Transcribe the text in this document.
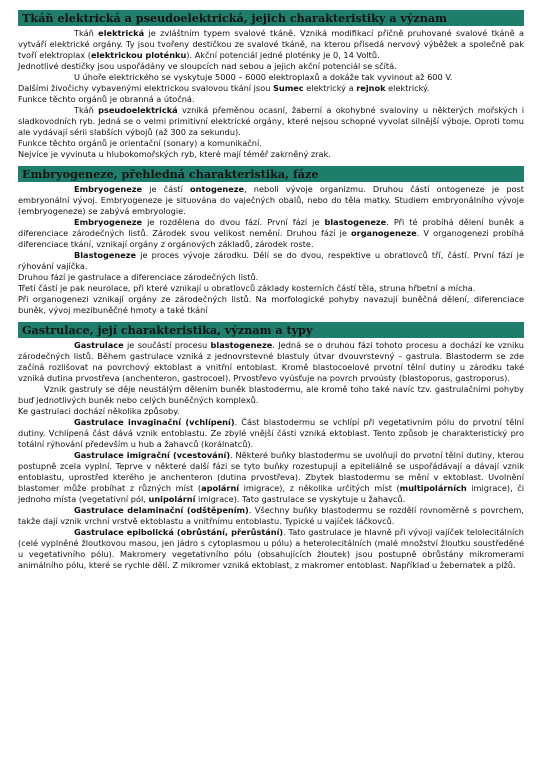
Tkáň elektrická a pseudoelektrická, jejich charakteristiky a význam

Tkáň elektrická je zvláštním typem svalové tkáně. Vzniká modifikací příčně pruhované svalové tkáně a vytváří elektrické orgány. Ty jsou tvořeny destičkou ze svalové tkáně, na kterou přisedá nervový výběžek a společně pak tvoří elektroplax (elektrickou ploténku). Akční potenciál jedné ploténky je 0, 14 Voltů.

Jednotlivé destičky jsou uspořádány ve sloupcích nad sebou a jejich akční potenciál se sčítá.

U úhoře elektrického se vyskytuje 5000 – 6000 elektroplaxů a dokáže tak vyvinout až 600 V.

Dalšími živočichy vybavenými elektrickou svalovou tkání jsou Sumec elektrický a rejnok elektrický.

Funkce těchto orgánů je obranná a útočná.

Tkáň pseudoelektrická vzniká přeměnou ocasní, žaberní a okohybné svaloviny u některých mořských i sladkovodních ryb. Jedná se o velmi primitivní elektrické orgány, které nejsou schopné vyvolat silnější výboje. Oproti tomu ale vydávají sérii slabších výbojů (až 300 za sekundu).

Funkce těchto orgánů je orientační (sonary) a komunikační.

Nejvíce je vyvinuta u hlubokomořských ryb, které mají téměř zakrněný zrak.

Embryogeneze, přehledná charakteristika, fáze

Embryogeneze je částí ontogeneze, neboli vývoje organizmu. Druhou částí ontogeneze je post embryonální vývoj. Embryogeneze je situována do vaječných obalů, nebo do těla matky. Studiem embryonálního vývoje (embryogeneze) se zabývá embryologie.

Embryogeneze je rozdělena do dvou fází. První fází je blastogeneze. Při té probíhá dělení buněk a diferenciace zárodečných listů. Zárodek svou velikost nemění. Druhou fází je organogeneze. V organogenezi probíhá diferenciace tkání, vznikají orgány z orgánových základů, zárodek roste.

Blastogeneze je proces vývoje zárodku. Dělí se do dvou, respektive u obratlovců tří, částí. První fází je rýhování vajíčka.

Druhou fází je gastrulace a diferenciace zárodečných listů.

Třetí částí je pak neurolace, při které vznikají u obratlovců základy kosterních částí těla, struna hřbetní a mícha.

Při organogenezi vznikají orgány ze zárodečných listů. Na morfologické pohyby navazují buněčná dělení, diferenciace buněk, vývoj mezibuněčné hmoty a také tkání

Gastrulace, její charakteristika, význam a typy

Gastrulace je součástí procesu blastogeneze. Jedná se o druhou fázi tohoto procesu a dochází ke vzniku zárodečných listů. Během gastrulace vzniká z jednovrstevné blastuly útvar dvouvrstevný – gastrula. Blastoderm se zde začíná rozlišovat na povrchový ektoblast a vnitřní entoblast. Kromě blastocoelové prvotní tělní dutiny u zárodku také vzniká dutina prvostřeva (anchenteron, gastrocoel). Prvostřevo vyúsťuje na povrch prvoústy (blastoporus, gastroporus).

Vznik gastruly se děje neustálým dělením buněk blastodermu, ale kromě toho také navíc tzv. gastrulačními pohyby buď jednotlivých buněk nebo celých buněčných komplexů.

Ke gastrulaci dochází několika způsoby.

Gastrulace invaginační (vchlípení). Část blastodermu se vchlípí při vegetativním pólu do prvotní tělní dutiny. Vchlípená část dává vznik entoblastu. Ze zbylé vnější části vzniká ektoblast. Tento způsob je charakteristický pro totální rýhování především u hub a žahavců (korálnatců).

Gastrulace imigrační (vcestování). Některé buňky blastodermu se uvolňují do prvotní tělní dutiny, kterou postupně zcela vyplní. Teprve v některé další fázi se tyto buňky rozestupují a epiteliálně se uspořádávají a dávají vznik entoblastu, uprostřed kterého je anchenteron (dutina prvostřeva). Zbytek blastodermu se mění v ektoblast. Uvolnění blastomer může probíhat z různých míst (apolární imigrace), z několika určitých míst (multipolárních imigrace), či jednoho místa (vegetativní pól, unipolární imigrace). Tato gastrulace se vyskytuje u žahavců.

Gastrulace delaminační (odštěpením). Všechny buňky blastodermu se rozdělí rovnoměrně s povrchem, takže dají vznik vrchní vrstvě ektoblastu a vnitřnímu entoblastu. Typické u vajíček láčkovců.

Gastrulace epibolická (obrůstání, přerůstání). Tato gastrulace je hlavně při vývoji vajíček telolecitálních (celé vyplněné žloutkovou masou, jen jádro s cytoplasmou u pólu) a heterolecitálních (malé množství žloutku soustředěné u vegetativního pólu). Makromery vegetativního pólu (obsahujících žloutek) jsou postupně obrůstány mikromerami animálního pólu, které se rychle dělí. Z mikromer vzniká ektoblast, z makromer entoblast. Například u žebernatek a plžů.
